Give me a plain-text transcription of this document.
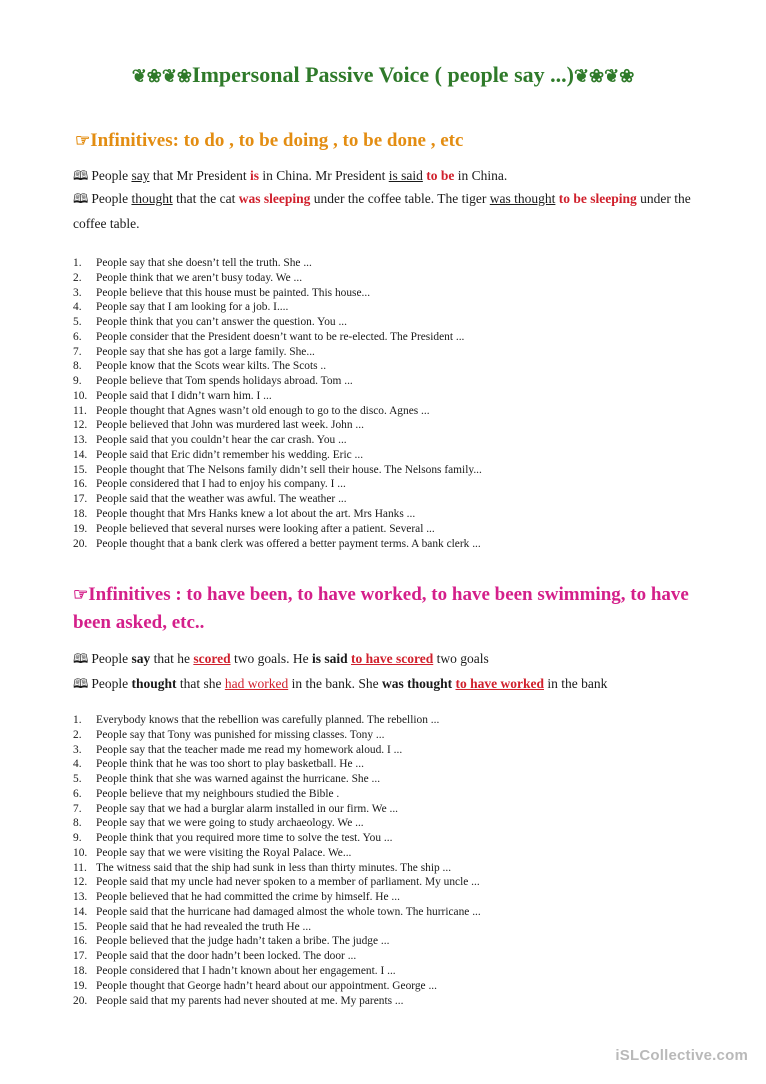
❦❀❦❀Impersonal Passive Voice ( people say ...)❦❀❦❀
☞Infinitives: to do , to be doing , to be done , etc
🕮 People say that Mr President is in China. Mr President is said to be in China.
🕮 People thought that the cat was sleeping under the coffee table. The tiger was thought to be sleeping under the coffee table.
1. People say that she doesn’t tell the truth. She ...
2. People think that we aren’t busy today. We ...
3. People believe that this house must be painted. This house...
4. People say that I am looking for a job. I....
5. People think that you can’t answer the question. You ...
6. People consider that the President doesn’t want to be re-elected. The President ...
7. People say that she has got a large family. She...
8. People know that the Scots wear kilts. The Scots ..
9. People believe that Tom spends holidays abroad. Tom ...
10. People said that I didn’t warn him. I ...
11. People thought that Agnes wasn’t old enough to go to the disco. Agnes ...
12. People believed that John was murdered last week. John ...
13. People said that you couldn’t hear the car crash. You ...
14. People said that Eric didn’t remember his wedding. Eric ...
15. People thought that The Nelsons family didn’t sell their house. The Nelsons family...
16. People considered that I had to enjoy his company. I ...
17. People said that the weather was awful. The weather ...
18. People thought that Mrs Hanks knew a lot about the art. Mrs Hanks ...
19. People believed that several nurses were looking after a patient. Several ...
20. People thought that a bank clerk was offered a better payment terms. A bank clerk ...
☞Infinitives : to have been, to have worked, to have been swimming, to have been asked, etc..
🕮 People say that he scored two goals. He is said to have scored two goals
🕮 People thought that she had worked in the bank. She was thought to have worked in the bank
1. Everybody knows that the rebellion was carefully planned. The rebellion ...
2. People say that Tony was punished for missing classes. Tony ...
3. People say that the teacher made me read my homework aloud. I ...
4. People think that he was too short to play basketball. He ...
5. People think that she was warned against the hurricane. She ...
6. People believe that my neighbours studied the Bible .
7. People say that we had a burglar alarm installed in our firm. We ...
8. People say that we were going to study archaeology. We ...
9. People think that you required more time to solve the test. You ...
10. People say that we were visiting the Royal Palace. We...
11. The witness said that the ship had sunk in less than thirty minutes. The ship ...
12. People said that my uncle had never spoken to a member of parliament. My uncle ...
13. People believed that he had committed the crime by himself. He ...
14. People said that the hurricane had damaged almost the whole town. The hurricane ...
15. People said that he had revealed the truth He ...
16. People believed that the judge hadn’t taken a bribe. The judge ...
17. People said that the door hadn’t been locked. The door ...
18. People considered that I hadn’t known about her engagement. I ...
19. People thought that George hadn’t heard about our appointment. George ...
20. People said that my parents had never shouted at me. My parents ...
iSLCollective.com
